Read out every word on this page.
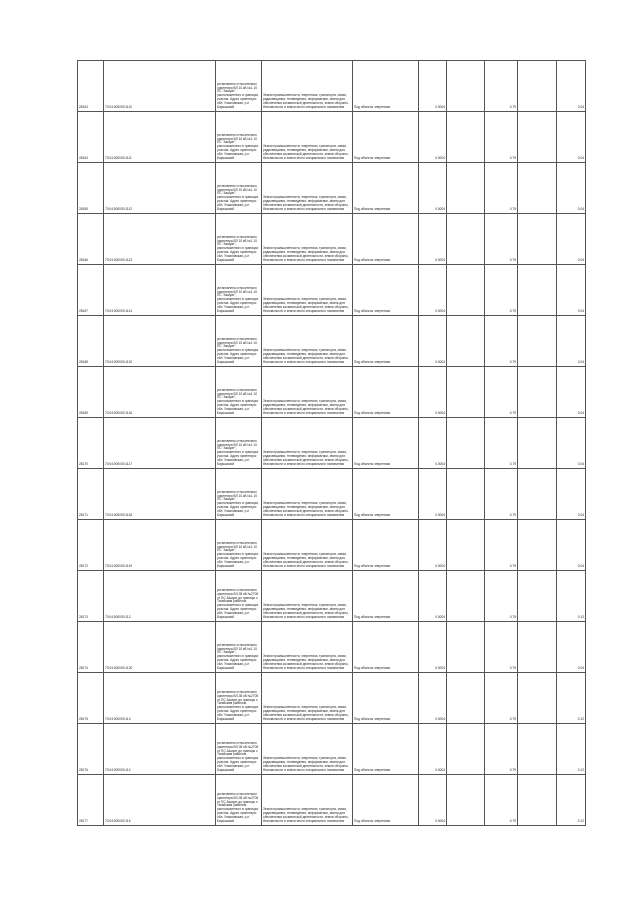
28163	73:04:000000:1110	установлено относительно ориентира ВЛ 10 кВ №1 10 ПС "Акшуат", расположенного в границах участка. Адрес ориентира: обл. Ульяновская, р-н Барышский	Земли промышленности, энергетики, транспорта, связи, радиовещания, телевидения, информатики, земли для обеспечения космической деятельности, земли обороны, безопасности и земли иного специального назначения	Под объекты энергетики	0.0004		0.79		0.04
28164	73:04:000000:1111	установлено относительно ориентира ВЛ 10 кВ №1 10 ПС "Акшуат", расположенного в границах участка. Адрес ориентира: обл. Ульяновская, р-н Барышский	Земли промышленности, энергетики, транспорта, связи, радиовещания, телевидения, информатики, земли для обеспечения космической деятельности, земли обороны, безопасности и земли иного специального назначения	Под объекты энергетики	0.0004		0.79		0.04
28165	73:04:000000:1112	установлено относительно ориентира ВЛ 10 кВ №1 10 ПС "Акшуат", расположенного в границах участка. Адрес ориентира: обл. Ульяновская, р-н Барышский	Земли промышленности, энергетики, транспорта, связи, радиовещания, телевидения, информатики, земли для обеспечения космической деятельности, земли обороны, безопасности и земли иного специального назначения	Под объекты энергетики	0.0004		0.79		0.04
28166	73:04:000000:1113	установлено относительно ориентира ВЛ 10 кВ №1 10 ПС "Акшуат", расположенного в границах участка. Адрес ориентира: обл. Ульяновская, р-н Барышский	Земли промышленности, энергетики, транспорта, связи, радиовещания, телевидения, информатики, земли для обеспечения космической деятельности, земли обороны, безопасности и земли иного специального назначения	Под объекты энергетики	0.0004		0.79		0.04
28167	73:04:000000:1114	установлено относительно ориентира ВЛ 10 кВ №1 10 ПС "Акшуат", расположенного в границах участка. Адрес ориентира: обл. Ульяновская, р-н Барышский	Земли промышленности, энергетики, транспорта, связи, радиовещания, телевидения, информатики, земли для обеспечения космической деятельности, земли обороны, безопасности и земли иного специального назначения	Под объекты энергетики	0.0004		0.79		0.04
28168	73:04:000000:1115	установлено относительно ориентира ВЛ 10 кВ №1 10 ПС "Акшуат", расположенного в границах участка. Адрес ориентира: обл. Ульяновская, р-н Барышский	Земли промышленности, энергетики, транспорта, связи, радиовещания, телевидения, информатики, земли для обеспечения космической деятельности, земли обороны, безопасности и земли иного специального назначения	Под объекты энергетики	0.0004		0.79		0.04
28169	73:04:000000:1116	установлено относительно ориентира ВЛ 10 кВ №1 10 ПС "Акшуат", расположенного в границах участка. Адрес ориентира: обл. Ульяновская, р-н Барышский	Земли промышленности, энергетики, транспорта, связи, радиовещания, телевидения, информатики, земли для обеспечения космической деятельности, земли обороны, безопасности и земли иного специального назначения	Под объекты энергетики	0.0004		0.79		0.04
28170	73:04:000000:1117	установлено относительно ориентира ВЛ 10 кВ №1 10 ПС "Акшуат", расположенного в границах участка. Адрес ориентира: обл. Ульяновская, р-н Барышский	Земли промышленности, энергетики, транспорта, связи, радиовещания, телевидения, информатики, земли для обеспечения космической деятельности, земли обороны, безопасности и земли иного специального назначения	Под объекты энергетики	0.0004		0.79		0.04
28171	73:04:000000:1118	установлено относительно ориентира ВЛ 10 кВ №1 10 ПС "Акшуат", расположенного в границах участка. Адрес ориентира: обл. Ульяновская, р-н Барышский	Земли промышленности, энергетики, транспорта, связи, радиовещания, телевидения, информатики, земли для обеспечения космической деятельности, земли обороны, безопасности и земли иного специального назначения	Под объекты энергетики	0.0004		0.79		0.04
28172	73:04:000000:1119	установлено относительно ориентира ВЛ 10 кВ №1 10 ПС "Акшуат", расположенного в границах участка. Адрес ориентира: обл. Ульяновская, р-н Барышский	Земли промышленности, энергетики, транспорта, связи, радиовещания, телевидения, информатики, земли для обеспечения космической деятельности, земли обороны, безопасности и земли иного специального назначения	Под объекты энергетики	0.0004		0.79		0.04
28173	73:04:000000:112	установлено относительно ориентира ВЛ-35 кВ №2705 от ПС Акшуат до границы с Тагайским районом, расположенного в границах участка. Адрес ориентира: обл. Ульяновская, р-н Барышский	Земли промышленности, энергетики, транспорта, связи, радиовещания, телевидения, информатики, земли для обеспечения космической деятельности, земли обороны, безопасности и земли иного специального назначения	Под объекты энергетики	0.0004		0.79		0.12
28174	73:04:000000:1120	установлено относительно ориентира ВЛ 10 кВ №1 10 ПС "Акшуат", расположенного в границах участка. Адрес ориентира: обл. Ульяновская, р-н Барышский	Земли промышленности, энергетики, транспорта, связи, радиовещания, телевидения, информатики, земли для обеспечения космической деятельности, земли обороны, безопасности и земли иного специального назначения	Под объекты энергетики	0.0004		0.79		0.04
28175	73:04:000000:113	установлено относительно ориентира ВЛ-35 кВ №2705 от ПС Акшуат до границы с Тагайским районом, расположенного в границах участка. Адрес ориентира: обл. Ульяновская, р-н Барышский	Земли промышленности, энергетики, транспорта, связи, радиовещания, телевидения, информатики, земли для обеспечения космической деятельности, земли обороны, безопасности и земли иного специального назначения	Под объекты энергетики	0.0004		0.79		0.12
28176	73:04:000000:114	установлено относительно ориентира ВЛ-35 кВ №2705 от ПС Акшуат до границы с Тагайским районом, расположенного в границах участка. Адрес ориентира: обл. Ульяновская, р-н Барышский	Земли промышленности, энергетики, транспорта, связи, радиовещания, телевидения, информатики, земли для обеспечения космической деятельности, земли обороны, безопасности и земли иного специального назначения	Под объекты энергетики	0.0004		0.79		0.12
28177	73:04:000000:115	установлено относительно ориентира ВЛ-35 кВ №2705 от ПС Акшуат до границы с Тагайским районом, расположенного в границах участка. Адрес ориентира: обл. Ульяновская, р-н Барышский	Земли промышленности, энергетики, транспорта, связи, радиовещания, телевидения, информатики, земли для обеспечения космической деятельности, земли обороны, безопасности и земли иного специального назначения	Под объекты энергетики	0.0004		0.79		0.12
